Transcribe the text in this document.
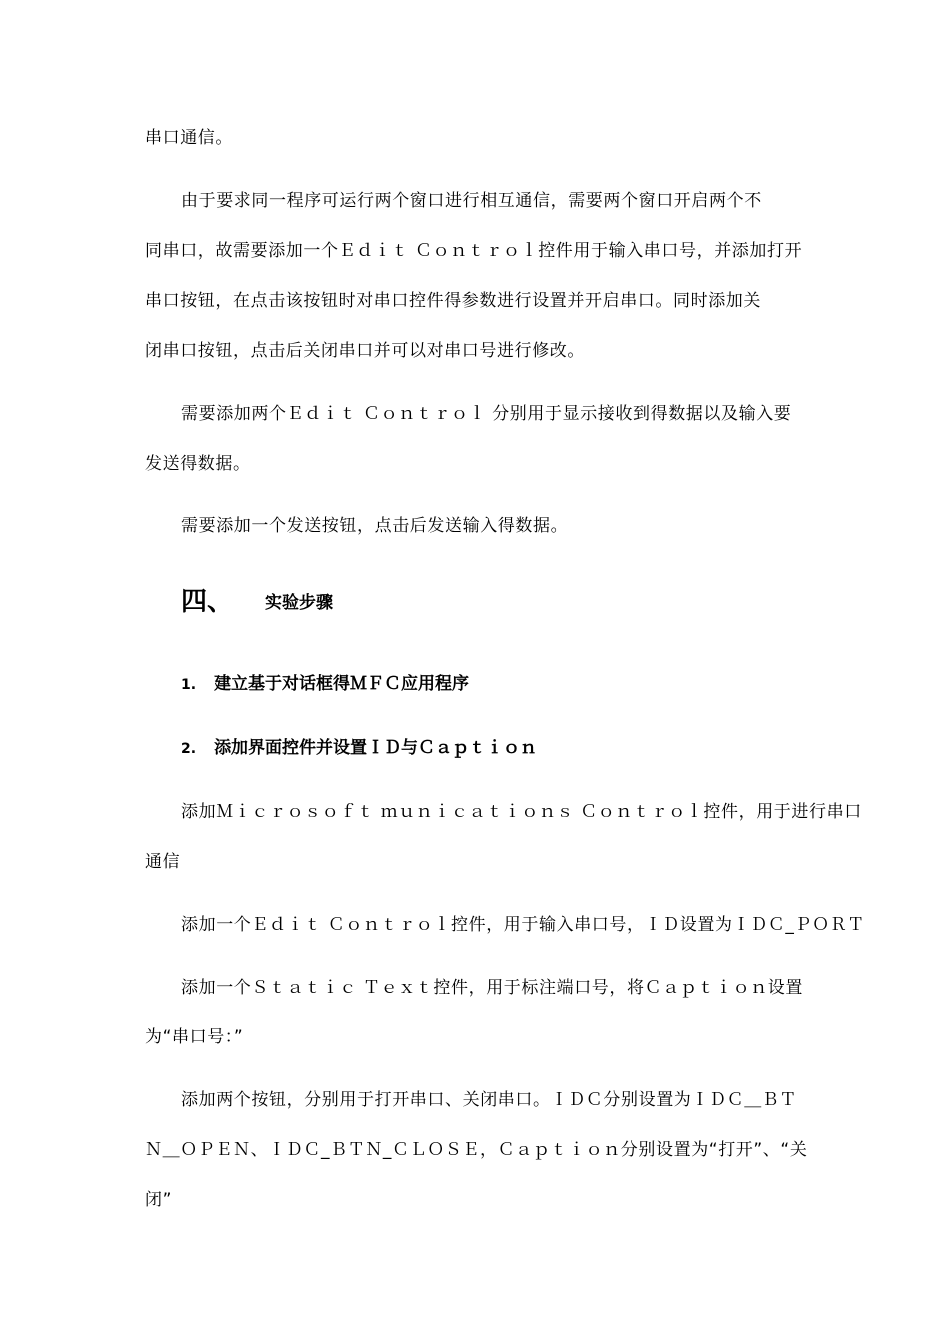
串口通信。
由于要求同一程序可运行两个窗口进行相互通信，需要两个窗口开启两个不
同串口，故需要添加一个Ｅｄｉｔ Ｃｏｎｔｒｏｌ控件用于输入串口号，并添加打开
串口按钮，在点击该按钮时对串口控件得参数进行设置并开启串口。同时添加关
闭串口按钮，点击后关闭串口并可以对串口号进行修改。
需要添加两个Ｅｄｉｔ Ｃｏｎｔｒｏｌ 分别用于显示接收到得数据以及输入要
发送得数据。
需要添加一个发送按钮，点击后发送输入得数据。
四、 实验步骤
1. 建立基于对话框得ＭＦＣ应用程序
2. 添加界面控件并设置ＩＤ与Ｃａｐｔｉｏｎ
添加Ｍｉｃｒｏｓｏｆｔ ｍｕｎｉｃａｔｉｏｎｓ Ｃｏｎｔｒｏｌ控件，用于进行串口
通信
添加一个Ｅｄｉｔ Ｃｏｎｔｒｏｌ控件，用于输入串口号，ＩＤ设置为ＩＤＣ_ＰＯＲＴ
添加一个Ｓｔａｔｉｃ Ｔｅｘｔ控件，用于标注端口号，将Ｃａｐｔｉｏｎ设置
为“串口号：”
添加两个按钮，分别用于打开串口、关闭串口。ＩＤＣ分别设置为ＩＤＣ＿ＢＴ
Ｎ＿ＯＰＥＮ、ＩＤＣ_ＢＴＮ_ＣＬＯＳＥ，Ｃａｐｔｉｏｎ分别设置为“打开”、“关
闭”
